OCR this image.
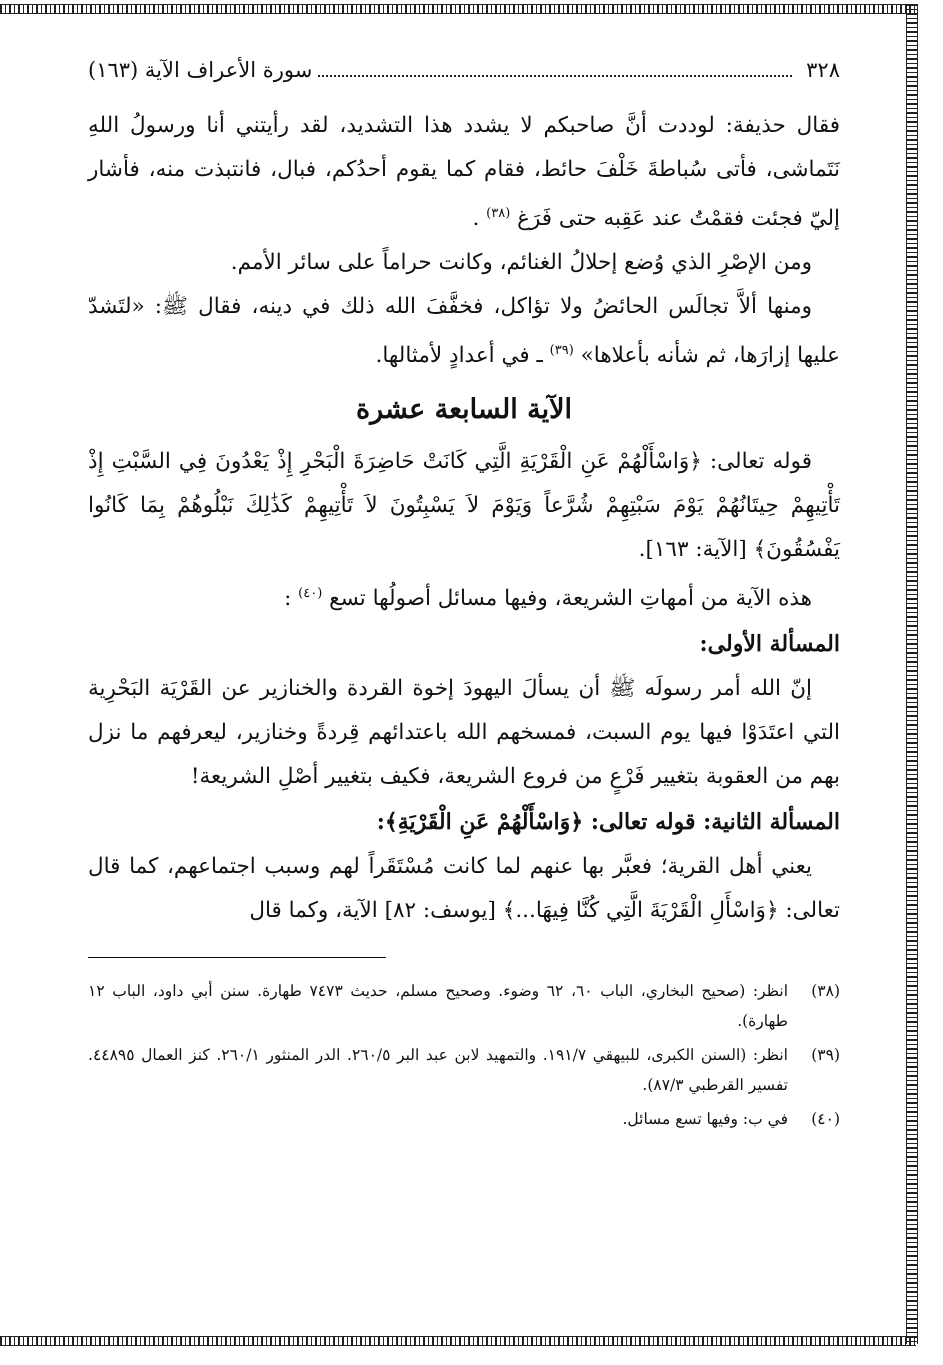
٣٢٨
سورة الأعراف الآية (١٦٣)

فقال حذيفة: لوددت أنَّ صاحبكم لا يشدد هذا التشديد، لقد رأيتني أنا ورسولُ اللهِ نَتَماشى، فأتى سُباطةَ خَلْفَ حائط، فقام كما يقوم أحدُكم، فبال، فانتبذت منه، فأشار إليّ فجئت فقمْتُ عند عَقِبه حتى فَرَغ $^{(٣٨)}$ .

ومن الإصْرِ الذي وُضع إحلالُ الغنائم، وكانت حراماً على سائر الأمم.

ومنها ألاَّ تجالَس الحائضُ ولا تؤاكل، فخفَّفَ الله ذلك في دينه، فقال ﷺ: «لتَشدّ عليها إزارَها، ثم شأنه بأعلاها» $^{(٣٩)}$ ـ في أعدادٍ لأمثالها.

الآية السابعة عشرة

قوله تعالى: ﴿وَاسْأَلْهُمْ عَنِ الْقَرْيَةِ الَّتِي كَانَتْ حَاضِرَةَ الْبَحْرِ إِذْ يَعْدُونَ فِي السَّبْتِ إِذْ تَأْتِيهِمْ حِيتَانُهُمْ يَوْمَ سَبْتِهِمْ شُرَّعاً وَيَوْمَ لاَ يَسْبِتُونَ لاَ تَأْتِيهِمْ كَذَٰلِكَ نَبْلُوهُمْ بِمَا كَانُوا يَفْسُقُونَ﴾ [الآية: ١٦٣].

هذه الآية من أمهاتِ الشريعة، وفيها مسائل أصولُها تسع $^{(٤٠)}$ :

المسألة الأولى:

إنّ الله أمر رسولَه ﷺ أن يسألَ اليهودَ إخوة القردة والخنازير عن القَرْيَة البَحْرِية التي اعتَدَوْا فيها يوم السبت، فمسخهم الله باعتدائهم قِردةً وخنازير، ليعرفهم ما نزل بهم من العقوبة بتغيير فَرْعٍ من فروع الشريعة، فكيف بتغيير أصْلِ الشريعة!

المسألة الثانية: قوله تعالى: ﴿وَاسْأَلْهُمْ عَنِ الْقَرْيَةِ﴾:

يعني أهل القرية؛ فعبَّر بها عنهم لما كانت مُسْتَقَراً لهم وسبب اجتماعهم، كما قال تعالى: ﴿وَاسْأَلِ الْقَرْيَةَ الَّتِي كُنَّا فِيهَا...﴾ [يوسف: ٨٢] الآية، وكما قال

(٣٨)
انظر: (صحيح البخاري، الباب ٦٠، ٦٢ وضوء. وصحيح مسلم، حديث ٧٤٧٣ طهارة. سنن أبي داود، الباب ١٢ طهارة).
(٣٩)
انظر: (السنن الكبرى، للبيهقي ١٩١/٧. والتمهيد لابن عبد البر ٢٦٠/٥. الدر المنثور ٢٦٠/١. كنز العمال ٤٤٨٩٥. تفسير القرطبي ٨٧/٣).
(٤٠)
في ب: وفيها تسع مسائل.
